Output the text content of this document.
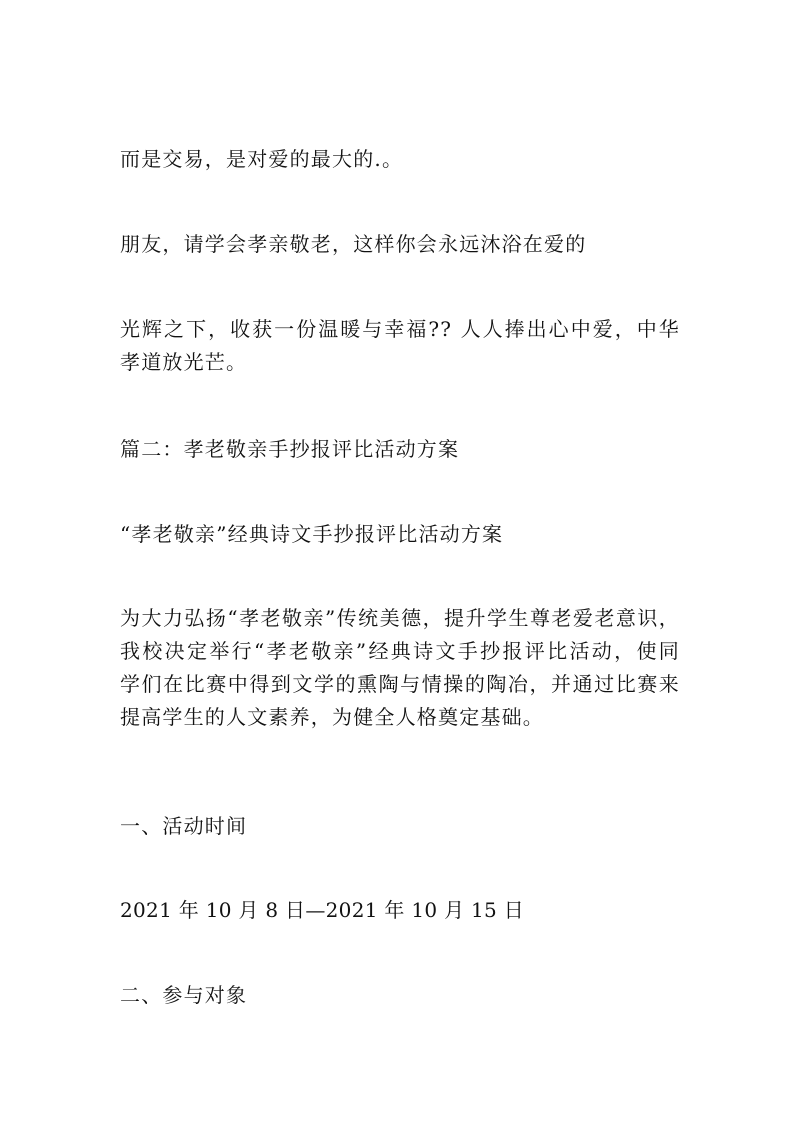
而是交易，是对爱的最大的.。
朋友，请学会孝亲敬老，这样你会永远沐浴在爱的
光辉之下，收获一份温暖与幸福?? 人人捧出心中爱，中华
孝道放光芒。
篇二：孝老敬亲手抄报评比活动方案
“孝老敬亲”经典诗文手抄报评比活动方案
为大力弘扬“孝老敬亲”传统美德，提升学生尊老爱老意识，
我校决定举行“孝老敬亲”经典诗文手抄报评比活动，使同
学们在比赛中得到文学的熏陶与情操的陶冶，并通过比赛来
提高学生的人文素养，为健全人格奠定基础。
一、活动时间
2021 年 10 月 8 日—2021 年 10 月 15 日
二、参与对象
